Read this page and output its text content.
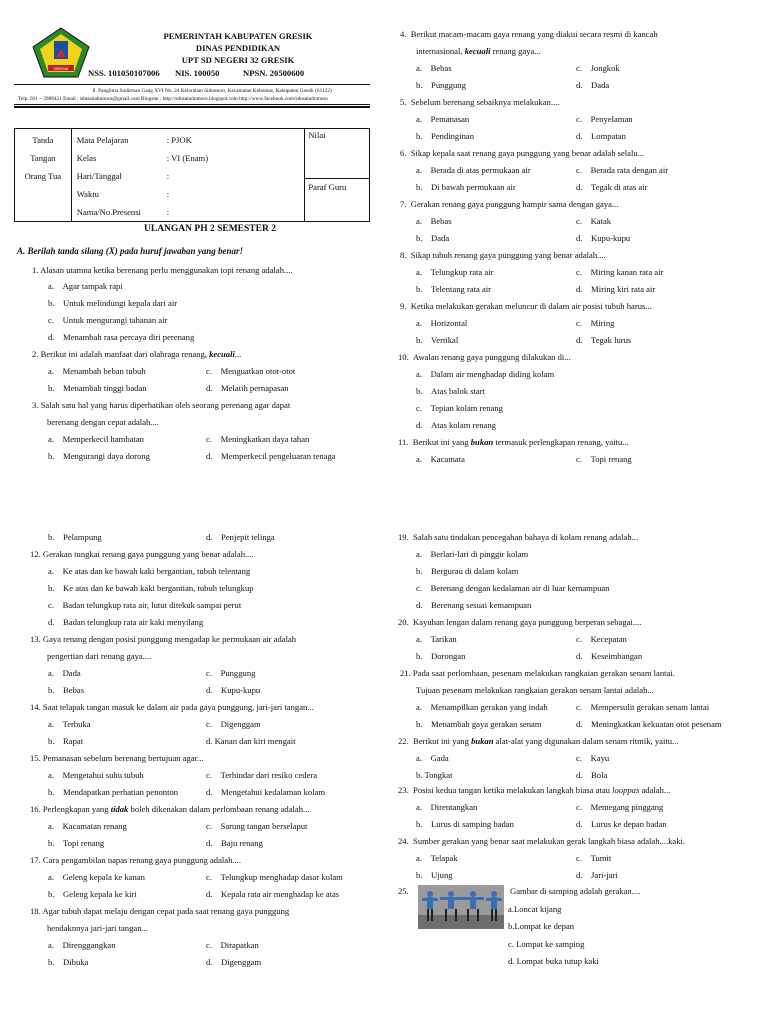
GRESIK
PEMERINTAH KABUPATEN GRESIK
DINAS PENDIDIKAN
UPT SD NEGERI 32 GRESIK
NSS. 101050107006 NIS. 100050	NPSN. 20500600
Jl. Panglima Sudirman Gang XVI No. 24 Kelurahan Sidomoro, Kecamatan Kebomas, Kabupaten Gresik (61122)
Telp. 031 – 3988421 Email : sdnsatudomoro@gmail.com Blogsite : http://sdnsatudomoro.blogspot.com http://www.facebook.com/sdnsatudomoro
Tanda
Tangan
Orang Tua

Mata Pelajaran	: PJOK
Kelas	: VI (Enam)
Hari/Tanggal	:
Waktu	:
Nama/No.Presensi	:

Nilai
Paraf Guru
ULANGAN PH 2 SEMESTER 2
A. Berilah tanda silang (X) pada huruf jawaban yang benar!
1. Alasan utamna ketika berenang perlu menggunakan topi renang adalah....
a.    Agar tampak rapi
b.    Untuk melindungi kepala dari air
c.    Untuk mengurangi tahanan air
d.    Menambah rasa percaya diri perenang
2. Berikut ini adalah manfaat dari olahraga renang, kecuali...
a.    Menambah beban tubuh	c.    Menguatkan otot-otot
b.    Menambah tinggi badan	d.    Melatih pernapasan
3. Salah satu hal yang harus diperhatikan oleh seorang perenang agar dapat
berenang dengan cepat adalah....
a.    Memperkecil hambatan	c.    Meningkatkan daya tahan
b.    Mengurangi daya dorong	d.    Memperkecil pengeluaran tenaga
4. Berikut macam-macam gaya renang yang diakui secara resmi di kancah
internasional, kecuali renang gaya...
a.    Bebas	c.    Jongkok
b.    Punggung	d.    Dada
5. Sebelum berenang sebaiknya melakukan....
a.    Pemanasan	c.    Penyelaman
b.    Pendinginan	d.    Lompatan
6. Sikap kepala saat renang gaya punggung yang benar adalah selalu...
a.    Berada di atas permukaan air	c.    Berada rata dengan air
b.    Di bawah permukaan air	d.    Tegak di atas air
7. Gerakan renang gaya punggung hampir sama dengan gaya...
a.    Bebas	c.    Katak
b.    Dada	d.    Kupu-kupu
8. Sikap tubuh renang gaya punggung yang benar adalah....
a.    Telungkup rata air	c.    Miring kanan rata air
b.    Telentang rata air	d.    Miring kiri rata air
9. Ketika melakukan gerakan meluncur di dalam air posisi tubuh harus...
a.    Horizontal	c.    Miring
b.    Vertikal	d.    Tegak lurus
10. Awalan renang gaya punggung dilakukan di...
a.    Dalam air menghadap diding kolam
b.    Atas balok start
c.    Tepian kolam renang
d.    Atas kolam renang
11. Berikut ini yang bukan termasuk perlengkapan renang, yaitu...
a.    Kacamata	c.    Topi renang
b.    Pelampung	d.    Penjepit telinga
12. Gerakan tungkai renang gaya punggung yang benar adalah....
a.    Ke atas dan ke bawah kaki bergantian, tubuh telentang
b.    Ke atas dan ke bawah kaki bergantian, tubuh telungkup
c.    Badan telungkup rata air, lutut ditekuk sampai perut
d.    Badan telungkup rata air kaki menyilang
13. Gaya renang dengan posisi punggung mengadap ke permukaan air adalah
pengertian dari renang gaya....
a.    Dada	c.    Punggung
b.    Bebas	d.    Kupu-kupu
14. Saat telapak tangan masuk ke dalam air pada gaya punggung, jari-jari tangan...
a.    Terbuka	c.    Digenggam
b.    Rapat	d. Kanan dan kiri mengait
15. Pemanasan sebelum berenang bertujuan agar...
a.    Mengetahui suhu tubuh	c.    Terhindar dari resiko cedera
b.    Mendapatkan perhatian penonton	d.    Mengetahui kedalaman kolam
16. Perlengkapan yang tidak boleh dikenakan dalam perlombaan renang adalah...
a.    Kacamatan renang	c.    Sarung tangan berselaput
b.    Topi renang	d.    Baju renang
17. Cara pengambilan napas renang gaya punggung adalah....
a.    Geleng kepala ke kanan	c.    Telungkup menghadap dasar kolam
b.    Geleng kepala ke kiri	d.    Kepala rata air menghadap ke atas
18. Agar tubuh dapat melaju dengan cepat pada saat renang gaya punggung
hendaknnya jari-jari tangan...
a.    Direnggangkan	c.    Dirapatkan
b.    Dibuka	d.    Digenggam
19. Salah satu tindakan pencegahan bahaya di kolam renang adalah...
a.    Berlari-lari di pinggir kolam
b.    Bergurau di dalam kolam
c.    Berenang dengan kedalaman air di luar kemampuan
d.    Berenang sesuai kemampuan
20. Kayuhan lengan dalam renang gaya punggung berperan sebagai....
a.    Tarikan	c.    Kecepatan
b.    Dorongan	d.    Keseimbangan
21. Pada saat perlombaan, pesenam melakukan rangkaian gerakan senam lantai.
Tujuan pesenam melakukan rangkaian gerakan senam lantai adalah...
a.    Menampilkan gerakan yang indah	c.    Mempersulit gerakan senam lantai
b.    Menambah gaya gerakan senam	d.    Meningkatkan kekuatan otot pesenam
22. Berikut ini yang bukan alat-alat yang digunakan dalam senam ritmik, yaitu...
a.    Gada	c.    Kayu
b. Tongkat	d.    Bola
23. Posisi kedua tangan ketika melakukan langkah biasa atau looppas adalah...
a.    Direntangkan	c.    Memegang pinggang
b.    Lurus di samping badan	d.    Lurus ke depan badan
24. Sumber gerakan yang benar saat melakukan gerak langkah biasa adalah....kaki.
a.    Telapak	c.    Tumit
b.    Ujung	d.    Jari-jari
25.	Gambar di samping adalah gerakan....
a.Loncat kijang
b.Lompat ke depan
c. Lompat ke samping
d. Lompat buka tutup kaki
